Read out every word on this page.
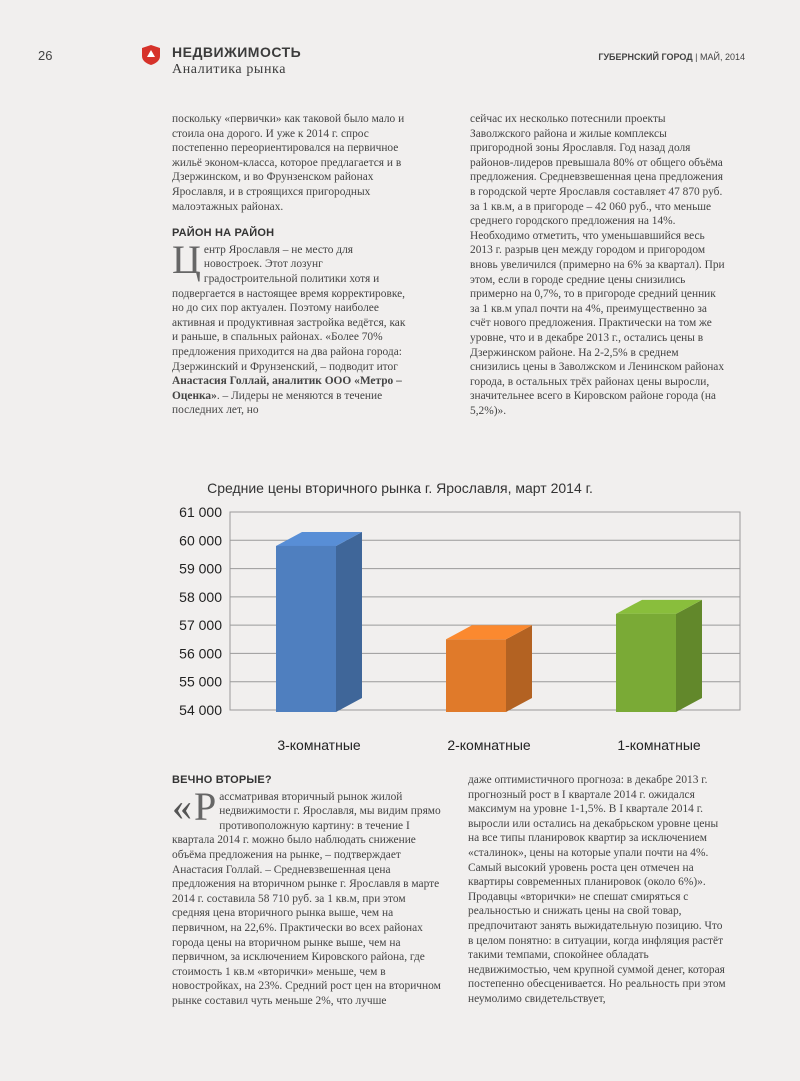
26	НЕДВИЖИМОСТЬ
Аналитика рынка
ГУБЕРНСКИЙ ГОРОД | МАЙ, 2014

поскольку «первички» как таковой было мало и стоила она дорого. И уже к 2014 г. спрос постепенно переориентировался на первичное жильё эконом-класса, которое предлагается и в Дзержинском, и во Фрунзенском районах Ярославля, и в строящихся пригородных малоэтажных районах.

РАЙОН НА РАЙОН

Центр Ярославля – не место для новостроек. Этот лозунг градостроительной политики хотя и подвергается в настоящее время корректировке, но до сих пор актуален. Поэтому наиболее активная и продуктивная застройка ведётся, как и раньше, в спальных районах. «Более 70% предложения приходится на два района города: Дзержинский и Фрунзенский, – подводит итог Анастасия Голлай, аналитик ООО «Метро – Оценка». – Лидеры не меняются в течение последних лет, но

сейчас их несколько потеснили проекты Заволжского района и жилые комплексы пригородной зоны Ярославля. Год назад доля районов-лидеров превышала 80% от общего объёма предложения. Средневзвешенная цена предложения в городской черте Ярославля составляет 47 870 руб. за 1 кв.м, а в пригороде – 42 060 руб., что меньше среднего городского предложения на 14%. Необходимо отметить, что уменьшавшийся весь 2013 г. разрыв цен между городом и пригородом вновь увеличился (примерно на 6% за квартал). При этом, если в городе средние цены снизились примерно на 0,7%, то в пригороде средний ценник за 1 кв.м упал почти на 4%, преимущественно за счёт нового предложения. Практически на том же уровне, что и в декабре 2013 г., остались цены в Дзержинском районе. На 2-2,5% в среднем снизились цены в Заволжском и Ленинском районах города, в остальных трёх районах цены выросли, значительнее всего в Кировском районе города (на 5,2%)».

Средние цены вторичного рынка г. Ярославля, март 2014 г.
54 000
55 000
56 000
57 000
58 000
59 000
60 000
61 000
3-комнатные	2-комнатные	1-комнатные
ВЕЧНО ВТОРЫЕ?

« Р ассматривая вторичный рынок жилой недвижимости г. Ярославля, мы видим прямо противоположную картину: в течение I квартала 2014 г. можно было наблюдать снижение объёма предложения на рынке, – подтверждает Анастасия Голлай. – Средневзвешенная цена предложения на вторичном рынке г. Ярославля в марте 2014 г. составила 58 710 руб. за 1 кв.м, при этом средняя цена вторичного рынка выше, чем на первичном, на 22,6%. Практически во всех районах города цены на вторичном рынке выше, чем на первичном, за исключением Кировского района, где стоимость 1 кв.м «вторички» меньше, чем в новостройках, на 23%. Средний рост цен на вторичном рынке составил чуть меньше 2%, что лучше

даже оптимистичного прогноза: в декабре 2013 г. прогнозный рост в I квартале 2014 г. ожидался максимум на уровне 1-1,5%. В I квартале 2014 г. выросли или остались на декабрьском уровне цены на все типы планировок квартир за исключением «сталинок», цены на которые упали почти на 4%. Самый высокий уровень роста цен отмечен на квартиры современных планировок (около 6%)».

Продавцы «вторички» не спешат смиряться с реальностью и снижать цены на свой товар, предпочитают занять выжидательную позицию. Что в целом понятно: в ситуации, когда инфляция растёт такими темпами, спокойнее обладать недвижимостью, чем крупной суммой денег, которая постепенно обесценивается. Но реальность при этом неумолимо свидетельствует,
